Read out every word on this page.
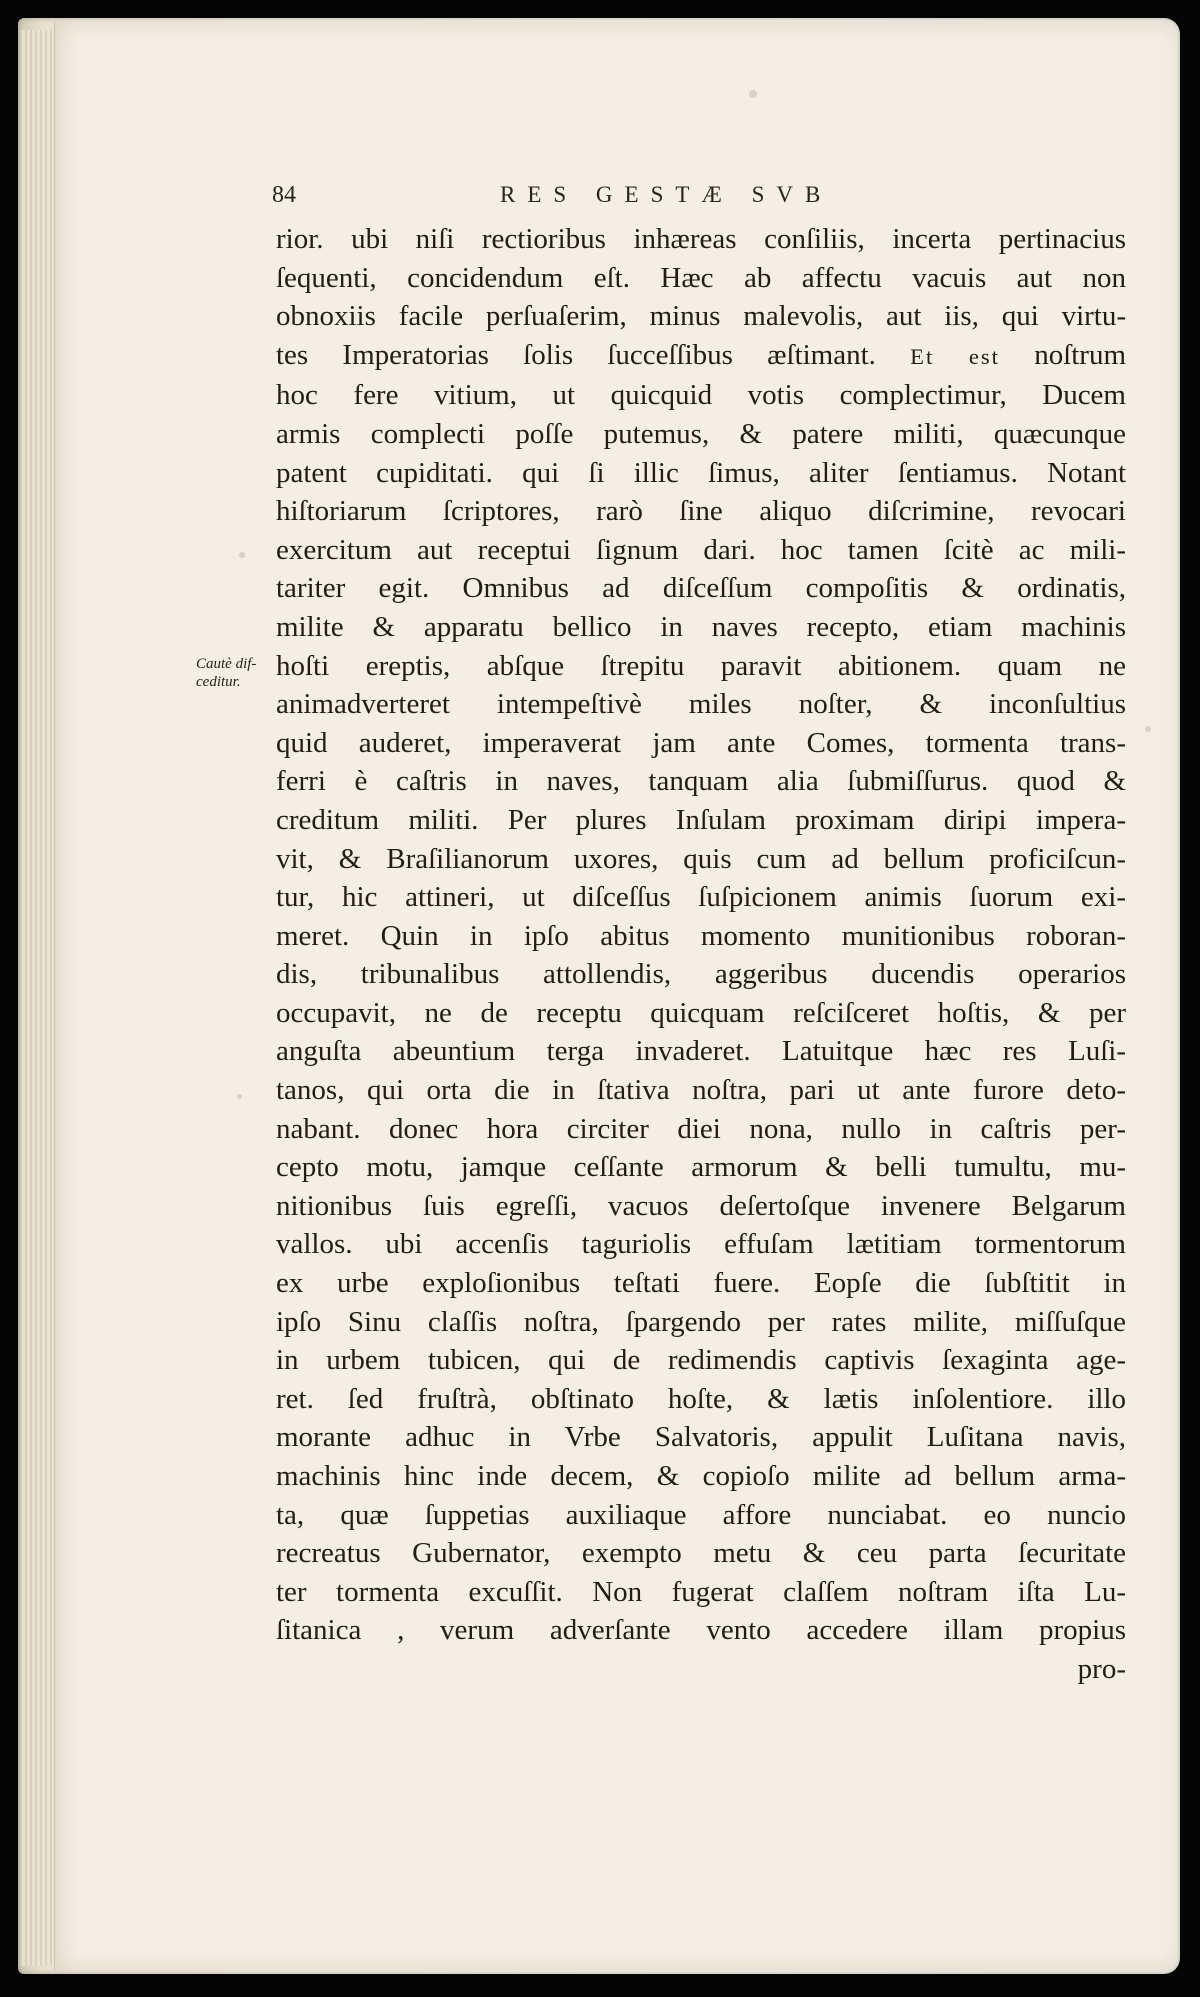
84	RES GESTÆ SVB
Cautè dif-
ceditur.
rior. ubi niſi rectioribus inhæreas conſiliis, incerta pertinacius
ſequenti, concidendum eſt. Hæc ab affectu vacuis aut non
obnoxiis facile perſuaſerim, minus malevolis, aut iis, qui virtu-
tes Imperatorias ſolis ſucceſſibus æſtimant. Et est noſtrum
hoc fere vitium, ut quicquid votis complectimur, Ducem
armis complecti poſſe putemus, & patere militi, quæcunque
patent cupiditati. qui ſi illic ſimus, aliter ſentiamus. Notant
hiſtoriarum ſcriptores, rarò ſine aliquo diſcrimine, revocari
exercitum aut receptui ſignum dari. hoc tamen ſcitè ac mili-
tariter egit. Omnibus ad diſceſſum compoſitis & ordinatis,
milite & apparatu bellico in naves recepto, etiam machinis
hoſti ereptis, abſque ſtrepitu paravit abitionem. quam ne
animadverteret intempeſtivè miles noſter, & inconſultius
quid auderet, imperaverat jam ante Comes, tormenta trans-
ferri è caſtris in naves, tanquam alia ſubmiſſurus. quod &
creditum militi. Per plures Inſulam proximam diripi impera-
vit, & Braſilianorum uxores, quis cum ad bellum proficiſcun-
tur, hic attineri, ut diſceſſus ſuſpicionem animis ſuorum exi-
meret. Quin in ipſo abitus momento munitionibus roboran-
dis, tribunalibus attollendis, aggeribus ducendis operarios
occupavit, ne de receptu quicquam reſciſceret hoſtis, & per
anguſta abeuntium terga invaderet. Latuitque hæc res Luſi-
tanos, qui orta die in ſtativa noſtra, pari ut ante furore deto-
nabant. donec hora circiter diei nona, nullo in caſtris per-
cepto motu, jamque ceſſante armorum & belli tumultu, mu-
nitionibus ſuis egreſſi, vacuos deſertoſque invenere Belgarum
vallos. ubi accenſis taguriolis effuſam lætitiam tormentorum
ex urbe exploſionibus teſtati fuere. Eopſe die ſubſtitit in
ipſo Sinu claſſis noſtra, ſpargendo per rates milite, miſſuſque
in urbem tubicen, qui de redimendis captivis ſexaginta age-
ret. ſed fruſtrà, obſtinato hoſte, & lætis inſolentiore. illo
morante adhuc in Vrbe Salvatoris, appulit Luſitana navis,
machinis hinc inde decem, & copioſo milite ad bellum arma-
ta, quæ ſuppetias auxiliaque affore nunciabat. eo nuncio
recreatus Gubernator, exempto metu & ceu parta ſecuritate
ter tormenta excuſſit. Non fugerat claſſem noſtram iſta Lu-
ſitanica , verum adverſante vento accedere illam propius
pro-
